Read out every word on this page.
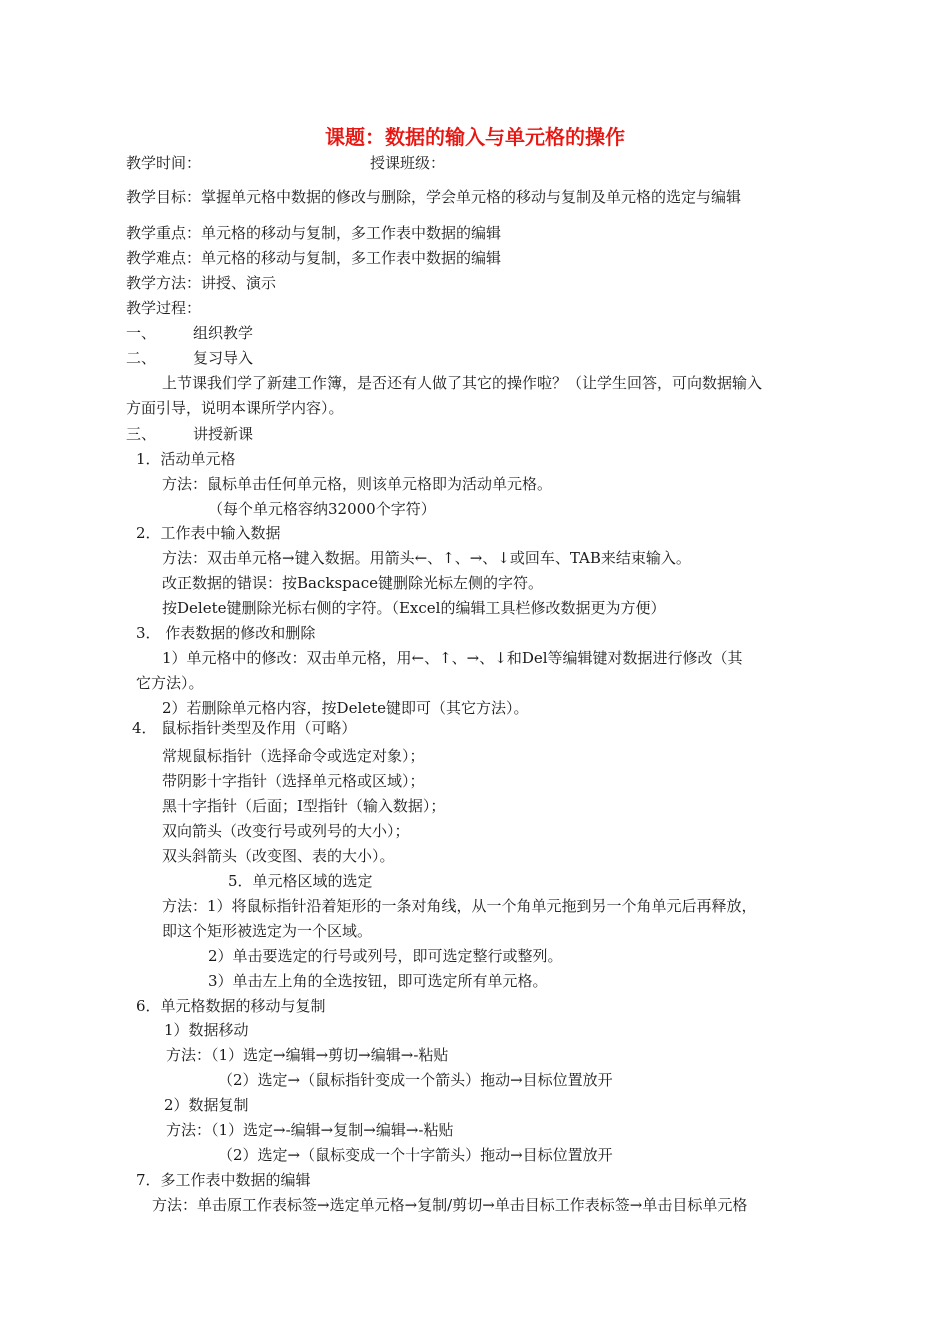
课题：数据的输入与单元格的操作
教学时间：	授课班级：
教学目标：掌握单元格中数据的修改与删除，学会单元格的移动与复制及单元格的选定与编辑
教学重点：单元格的移动与复制，多工作表中数据的编辑
教学难点：单元格的移动与复制，多工作表中数据的编辑
教学方法：讲授、演示
教学过程：
一、 组织教学
二、 复习导入
上节课我们学了新建工作簿，是否还有人做了其它的操作啦？（让学生回答，可向数据输入
方面引导，说明本课所学内容）。
三、 讲授新课
1．活动单元格
方法：鼠标单击任何单元格，则该单元格即为活动单元格。
（每个单元格容纳32000个字符）
2．工作表中输入数据
方法：双击单元格→键入数据。用箭头←、↑、→、↓或回车、TAB来结束输入。
改正数据的错误：按Backspace键删除光标左侧的字符。
按Delete键删除光标右侧的字符。（Excel的编辑工具栏修改数据更为方便）
3． 作表数据的修改和删除
1）单元格中的修改：双击单元格，用←、↑、→、↓和Del等编辑键对数据进行修改（其
它方法）。
2）若删除单元格内容，按Delete键即可（其它方法）。
4． 鼠标指针类型及作用（可略）
常规鼠标指针（选择命令或选定对象）；
带阴影十字指针（选择单元格或区域）；
黑十字指针（后面；I型指针（输入数据）；
双向箭头（改变行号或列号的大小）；
双头斜箭头（改变图、表的大小）。
5．单元格区域的选定
方法：1）将鼠标指针沿着矩形的一条对角线，从一个角单元拖到另一个角单元后再释放，
即这个矩形被选定为一个区域。
2）单击要选定的行号或列号，即可选定整行或整列。
3）单击左上角的全选按钮，即可选定所有单元格。
6．单元格数据的移动与复制
1）数据移动
方法：（1）选定→编辑→剪切→编辑→-粘贴
（2）选定→（鼠标指针变成一个箭头）拖动→目标位置放开
2）数据复制
方法：（1）选定→-编辑→复制→编辑→-粘贴
（2）选定→（鼠标变成一个十字箭头）拖动→目标位置放开
7．多工作表中数据的编辑
方法：单击原工作表标签→选定单元格→复制/剪切→单击目标工作表标签→单击目标单元格
